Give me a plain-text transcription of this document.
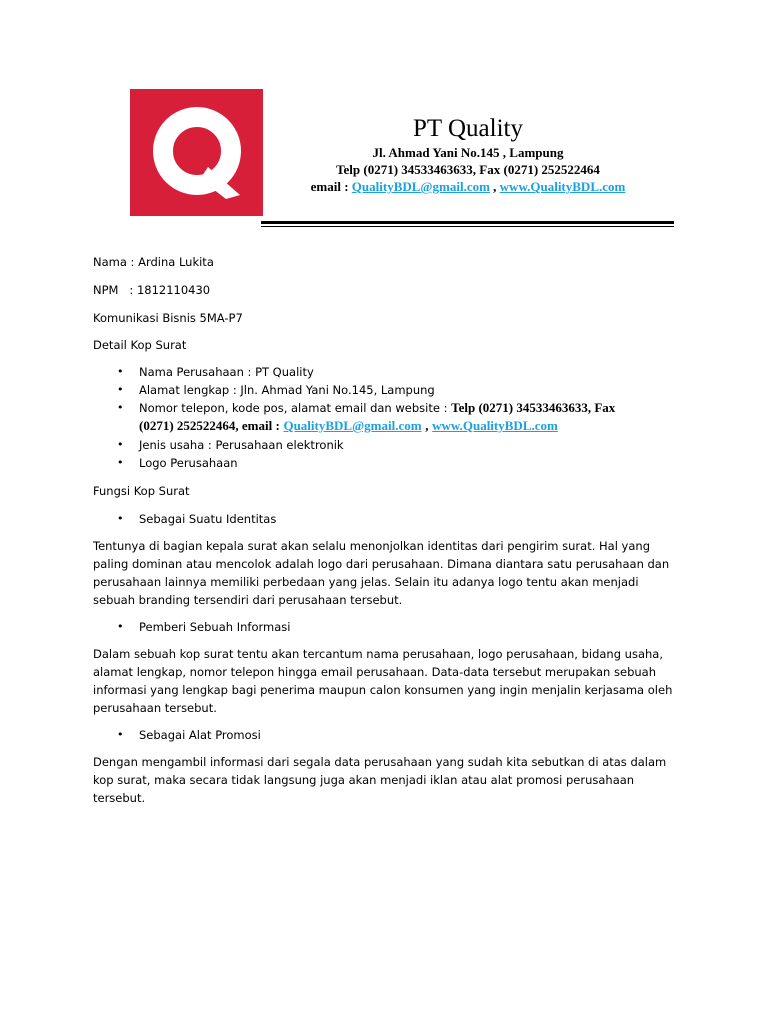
PT Quality
Jl. Ahmad Yani No.145 , Lampung
Telp (0271) 34533463633, Fax (0271) 252522464
email : QualityBDL@gmail.com , www.QualityBDL.com
Nama : Ardina Lukita
NPM   : 1812110430
Komunikasi Bisnis 5MA-P7
Detail Kop Surat
• Nama Perusahaan : PT Quality
• Alamat lengkap : Jln. Ahmad Yani No.145, Lampung
• Nomor telepon, kode pos, alamat email dan website : Telp (0271) 34533463633, Fax
(0271) 252522464, email : QualityBDL@gmail.com , www.QualityBDL.com
• Jenis usaha : Perusahaan elektronik
• Logo Perusahaan
Fungsi Kop Surat
• Sebagai Suatu Identitas
Tentunya di bagian kepala surat akan selalu menonjolkan identitas dari pengirim surat. Hal yang
paling dominan atau mencolok adalah logo dari perusahaan. Dimana diantara satu perusahaan dan
perusahaan lainnya memiliki perbedaan yang jelas. Selain itu adanya logo tentu akan menjadi
sebuah branding tersendiri dari perusahaan tersebut.
• Pemberi Sebuah Informasi
Dalam sebuah kop surat tentu akan tercantum nama perusahaan, logo perusahaan, bidang usaha,
alamat lengkap, nomor telepon hingga email perusahaan. Data-data tersebut merupakan sebuah
informasi yang lengkap bagi penerima maupun calon konsumen yang ingin menjalin kerjasama oleh
perusahaan tersebut.
• Sebagai Alat Promosi
Dengan mengambil informasi dari segala data perusahaan yang sudah kita sebutkan di atas dalam
kop surat, maka secara tidak langsung juga akan menjadi iklan atau alat promosi perusahaan
tersebut.
